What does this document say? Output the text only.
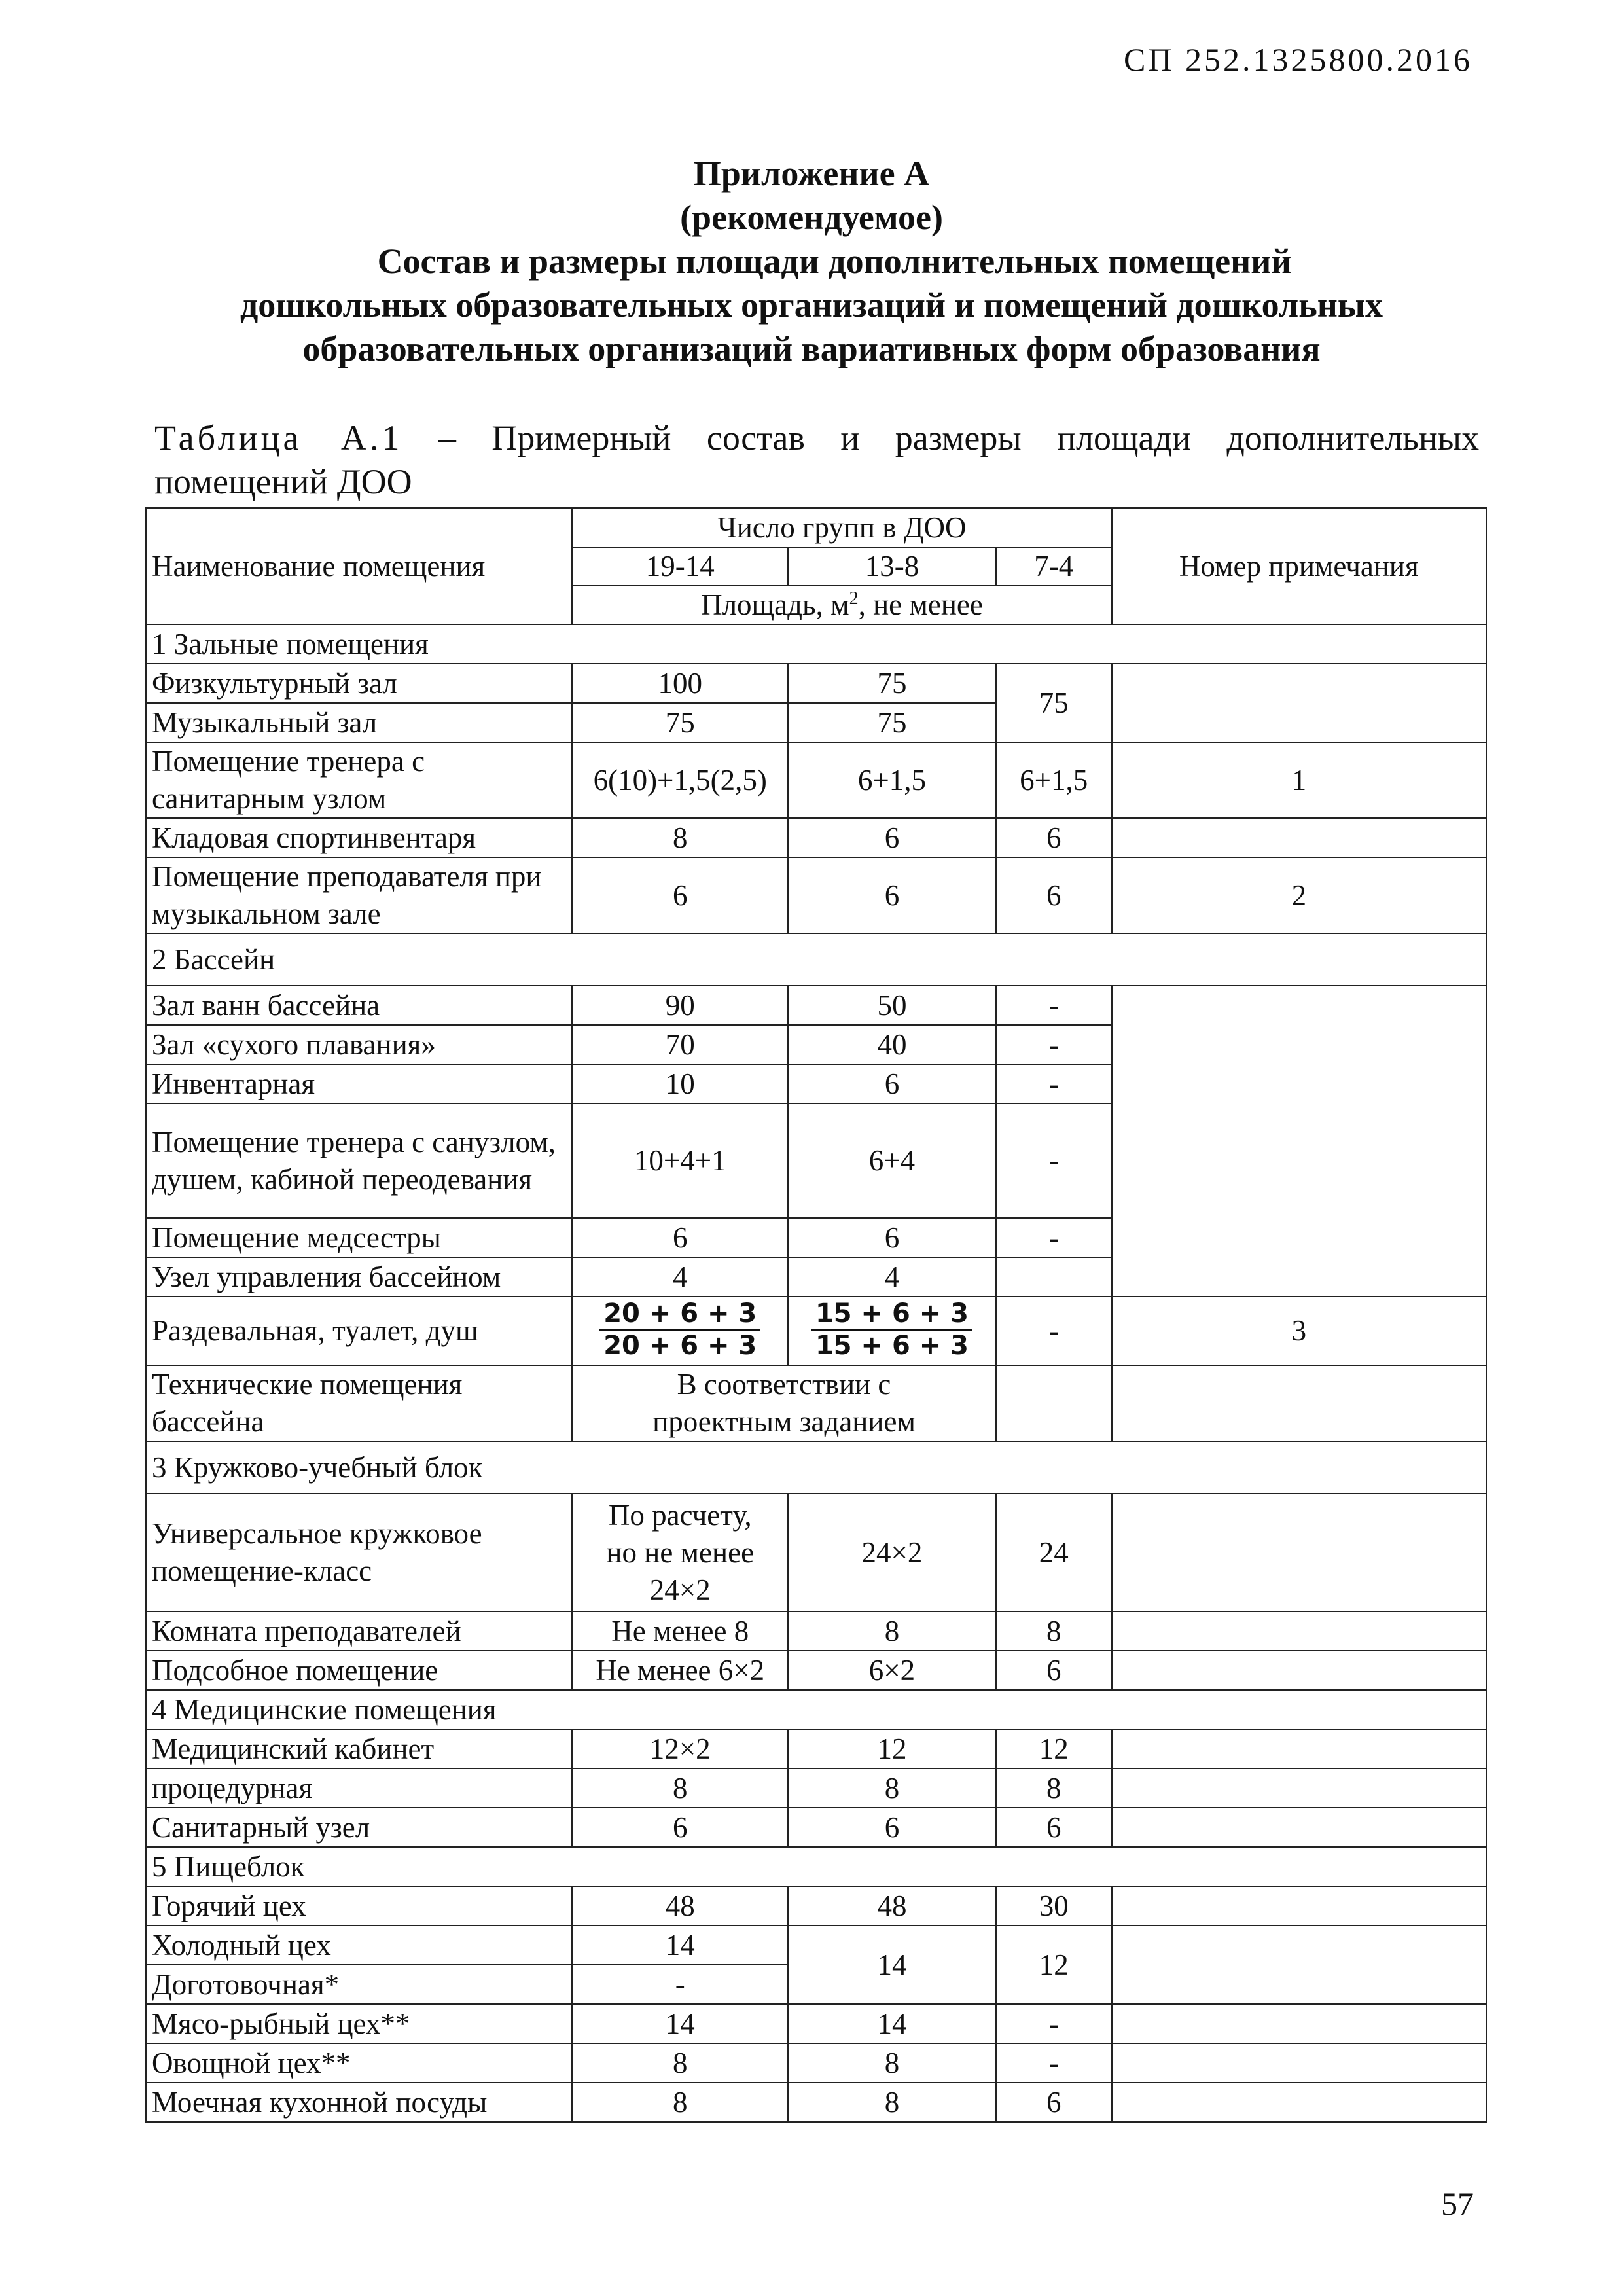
СП 252.1325800.2016
Приложение А
(рекомендуемое)
Состав и размеры площади дополнительных помещений
дошкольных образовательных организаций и помещений дошкольных
образовательных организаций вариативных форм образования
Таблица А.1 – Примерный состав и размеры площади дополнительных
помещений ДОО
Наименование помещения	Число групп в ДОО			Номер примечания
	19-14	13-8	7-4	
	Площадь, $м^2$, не менее			
1 Зальные помещения				
Физкультурный зал	100	75	75	
Музыкальный зал	75	75		
Помещение тренера с санитарным узлом	6(10)+1,5(2,5)	6+1,5	6+1,5	1
Кладовая спортинвентаря	8	6	6	
Помещение преподавателя при музыкальном зале	6	6	6	2
2 Бассейн				
Зал ванн бассейна	90	50	-	
Зал «сухого плавания»	70	40	-	
Инвентарная	10	6	-	
Помещение тренера с санузлом, душем, кабиной переодевания	10+4+1	6+4	-	
Помещение медсестры	6	6	-	
Узел управления бассейном	4	4		
Раздевальная, туалет, душ	$\frac{20 + 6 + 3}{20 + 6 + 3}$	$\frac{15 + 6 + 3}{15 + 6 + 3}$	-	3
Технические помещения бассейна	В соответствии с проектным заданием			
3 Кружково-учебный блок				
Универсальное кружковое помещение-класс	По расчету, но не менее 24×2	24×2	24	
Комната преподавателей	Не менее 8	8	8	
Подсобное помещение	Не менее 6×2	6×2	6	
4 Медицинские помещения				
Медицинский кабинет	12×2	12	12	
процедурная	8	8	8	
Санитарный узел	6	6	6	
5 Пищеблок				
Горячий цех	48	48	30	
Холодный цех	14	14	12	
Доготовочная*	-			
Мясо-рыбный цех**	14	14	-	
Овощной цех**	8	8	-	
Моечная кухонной посуды	8	8	6	
57
